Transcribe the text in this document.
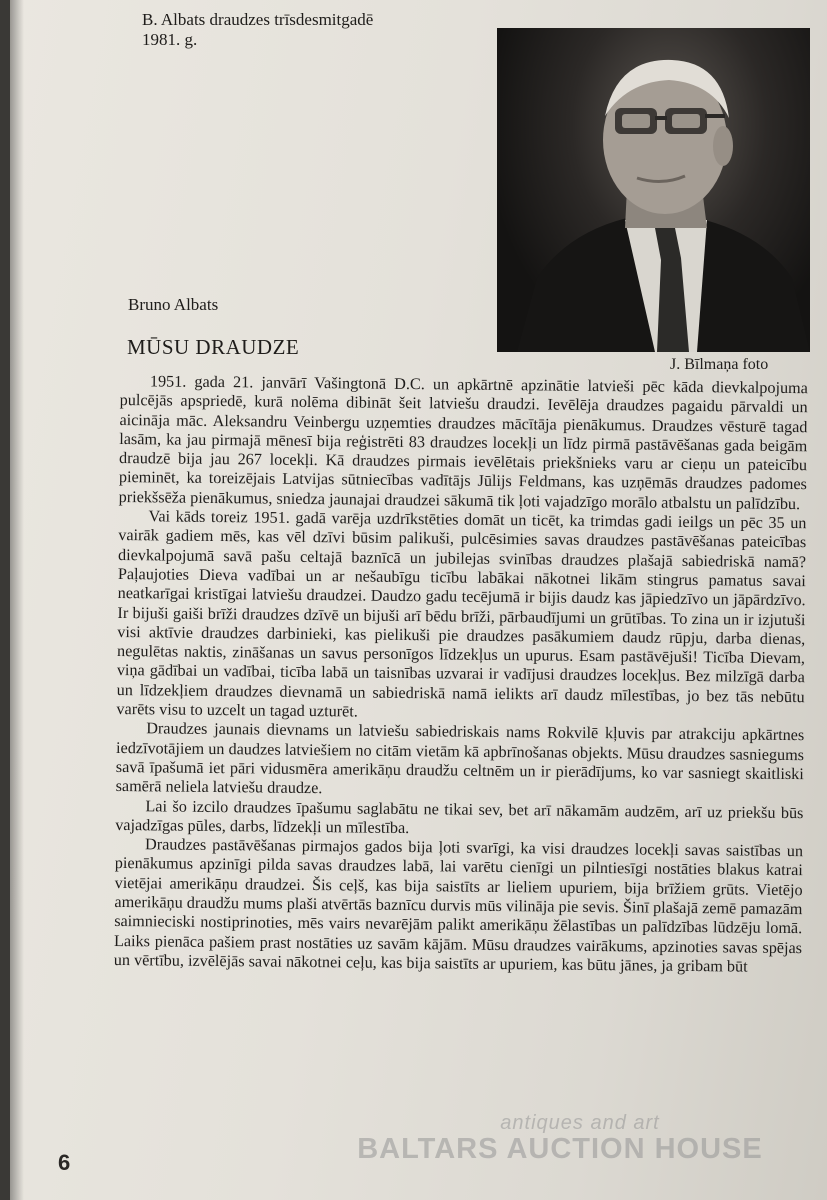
B. Albats draudzes trīsdesmitgadē
1981. g.
J. Bīlmaņa foto
Bruno Albats
MŪSU DRAUDZE

1951. gada 21. janvārī Vašingtonā D.C. un apkārtnē apzinātie latvieši pēc kāda dievkalpojuma pulcējās apspriedē, kurā nolēma dibināt šeit latviešu draudzi. Ievēlēja draudzes pagaidu pārvaldi un aicināja māc. Aleksandru Veinbergu uzņemties draudzes mācītāja pienākumus. Draudzes vēsturē tagad lasām, ka jau pirmajā mēnesī bija reģistrēti 83 draudzes locekļi un līdz pirmā pastāvēšanas gada beigām draudzē bija jau 267 locekļi. Kā draudzes pirmais ievēlētais priekšnieks varu ar cieņu un pateicību pieminēt, ka toreizējais Latvijas sūtniecības vadītājs Jūlijs Feldmans, kas uzņēmās draudzes padomes priekšsēža pienākumus, sniedza jaunajai draudzei sākumā tik ļoti vajadzīgo morālo atbalstu un palīdzību.

Vai kāds toreiz 1951. gadā varēja uzdrīkstēties domāt un ticēt, ka trimdas gadi ieilgs un pēc 35 un vairāk gadiem mēs, kas vēl dzīvi būsim palikuši, pulcēsimies savas draudzes pastāvēšanas pateicības dievkalpojumā savā pašu celtajā baznīcā un jubilejas svinības draudzes plašajā sabiedriskā namā? Paļaujoties Dieva vadībai un ar nešaubīgu ticību labākai nākotnei likām stingrus pamatus savai neatkarīgai kristīgai latviešu draudzei. Daudzo gadu tecējumā ir bijis daudz kas jāpiedzīvo un jāpārdzīvo. Ir bijuši gaiši brīži draudzes dzīvē un bijuši arī bēdu brīži, pārbaudījumi un grūtības. To zina un ir izjutuši visi aktīvie draudzes darbinieki, kas pielikuši pie draudzes pasākumiem daudz rūpju, darba dienas, negulētas naktis, zināšanas un savus personīgos līdzekļus un upurus. Esam pastāvējuši! Ticība Dievam, viņa gādībai un vadībai, ticība labā un taisnības uzvarai ir vadījusi draudzes locekļus. Bez milzīgā darba un līdzekļiem draudzes dievnamā un sabiedriskā namā ielikts arī daudz mīlestības, jo bez tās nebūtu varēts visu to uzcelt un tagad uzturēt.

Draudzes jaunais dievnams un latviešu sabiedriskais nams Rokvilē kļuvis par atrakciju apkārtnes iedzīvotājiem un daudzes latviešiem no citām vietām kā apbrīnošanas objekts. Mūsu draudzes sasniegums savā īpašumā iet pāri vidusmēra amerikāņu draudžu celtnēm un ir pierādījums, ko var sasniegt skaitliski samērā neliela latviešu draudze.

Lai šo izcilo draudzes īpašumu saglabātu ne tikai sev, bet arī nākamām audzēm, arī uz priekšu būs vajadzīgas pūles, darbs, līdzekļi un mīlestība.

Draudzes pastāvēšanas pirmajos gados bija ļoti svarīgi, ka visi draudzes locekļi savas saistības un pienākumus apzinīgi pilda savas draudzes labā, lai varētu cienīgi un pilntiesīgi nostāties blakus katrai vietējai amerikāņu draudzei. Šis ceļš, kas bija saistīts ar lieliem upuriem, bija brīžiem grūts. Vietējo amerikāņu draudžu mums plaši atvērtās baznīcu durvis mūs vilināja pie sevis. Šinī plašajā zemē pamazām saimnieciski nostiprinoties, mēs vairs nevarējām palikt amerikāņu žēlastības un palīdzības lūdzēju lomā. Laiks pienāca pašiem prast nostāties uz savām kājām. Mūsu draudzes vairākums, apzinoties savas spējas un vērtību, izvēlējās savai nākotnei ceļu, kas bija saistīts ar upuriem, kas būtu jānes, ja gribam būt

6
antiques and art
BALTARS AUCTION HOUSE
